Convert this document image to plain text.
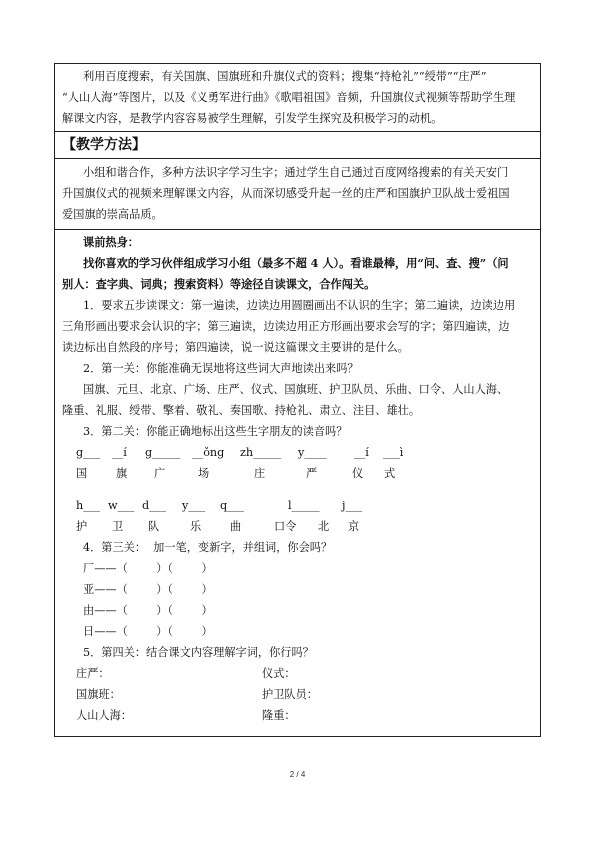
利用百度搜索，有关国旗、国旗班和升旗仪式的资料；搜集“持枪礼”“绶带”“庄严”

“人山人海”等图片，以及《义勇军进行曲》《歌唱祖国》音频，升国旗仪式视频等帮助学生理

解课文内容，是教学内容容易被学生理解，引发学生探究及积极学习的动机。

【教学方法】

小组和谐合作，多种方法识字学习生字；通过学生自己通过百度网络搜索的有关天安门

升国旗仪式的视频来理解课文内容，从而深切感受升起一丝的庄严和国旗护卫队战士爱祖国

爱国旗的崇高品质。

课前热身：

找你喜欢的学习伙伴组成学习小组（最多不超 4 人）。看谁最棒，用“问、查、搜”（问

别人：查字典、词典；搜索资料）等途径自读课文，合作闯关。

1．要求五步读课文：第一遍读，边读边用圆圈画出不认识的生字；第二遍读，边读边用

三角形画出要求会认识的字；第三遍读，边读边用正方形画出要求会写的字；第四遍读，边

读边标出自然段的序号；第四遍读，说一说这篇课文主要讲的是什么。

2．第一关：你能准确无误地将这些词大声地读出来吗？

国旗、元旦、北京、广场、庄严、仪式、国旗班、护卫队员、乐曲、口令、人山人海、

隆重、礼服、绶带、擎着、敬礼、奏国歌、持枪礼、肃立、注目、雄壮。

3．第二关：你能正确地标出这些生字朋友的读音吗？

g___ __í g_____ __ǒng zh_____ y____ __í ___ì
国	旗 广	场	庄	严	仪 式
h___ w___ d___ y___ q___	l_____ j___
护 卫 队	乐	曲	口令 北 京

4．第三关：  加一笔，变新字，并组词，你会吗？

厂——（        ）（        ）

亚——（        ）（        ）

由——（        ）（        ）

日——（        ）（        ）

5．第四关：结合课文内容理解字词，你行吗？

庄严：	仪式：
国旗班：	护卫队员：
人山人海：	隆重：
2 / 4
